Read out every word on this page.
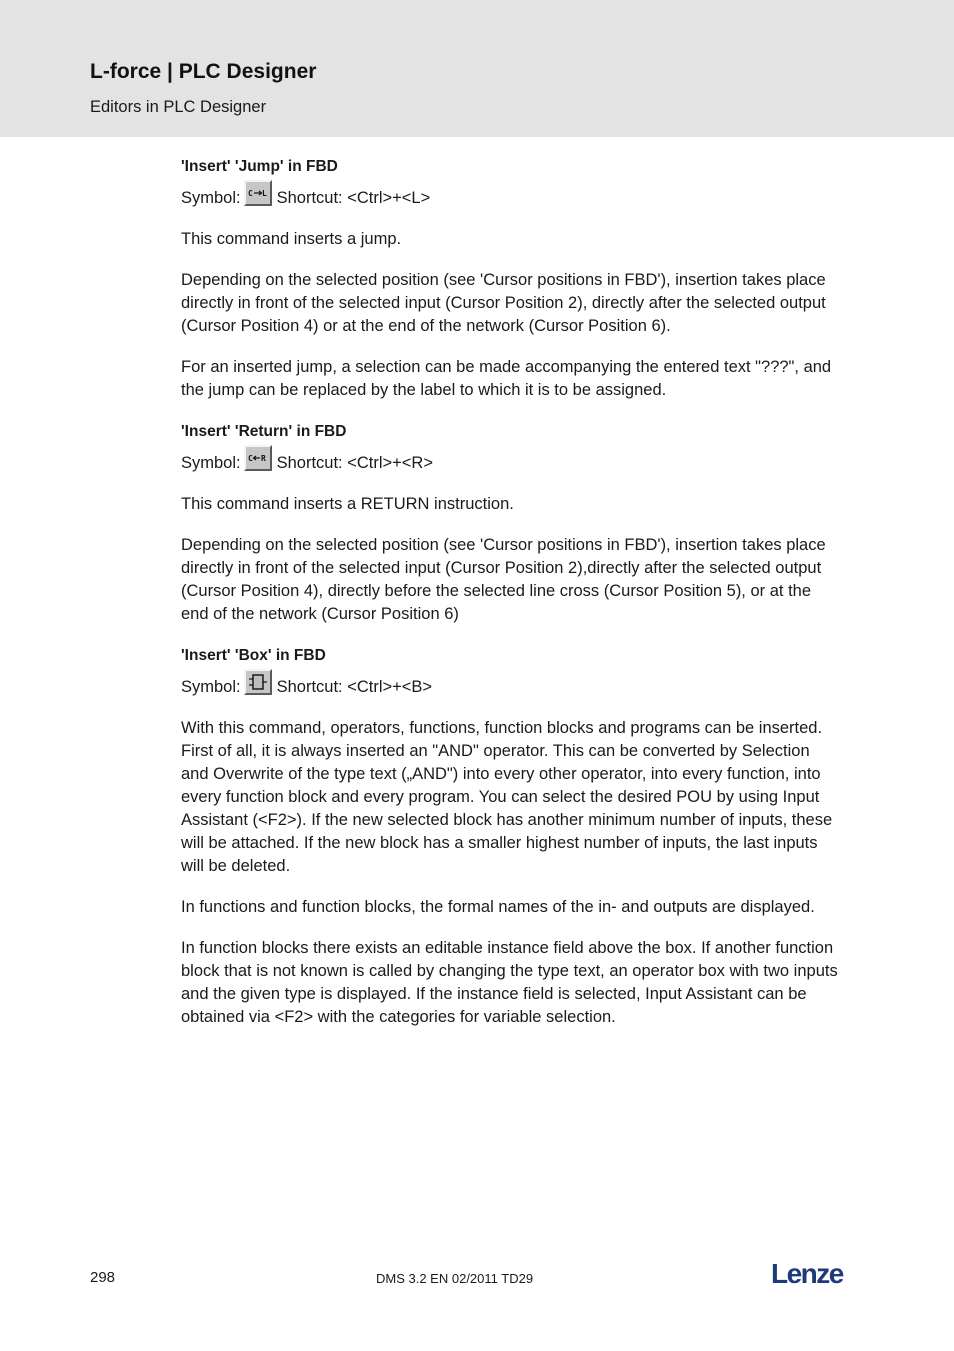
L-force | PLC Designer
Editors in PLC Designer

'Insert' 'Jump' in FBD

Symbol: C L Shortcut: <Ctrl>+<L>

This command inserts a jump.

Depending on the selected position (see 'Cursor positions in FBD'), insertion takes place directly in front of the selected input (Cursor Position 2), directly after the selected output (Cursor Position 4) or at the end of the network (Cursor Position 6).

For an inserted jump, a selection can be made accompanying the entered text "???", and the jump can be replaced by the label to which it is to be assigned.

'Insert' 'Return' in FBD

Symbol: C R Shortcut: <Ctrl>+<R>

This command inserts a RETURN instruction.

Depending on the selected position (see 'Cursor positions in FBD'), insertion takes place directly in front of the selected input (Cursor Position 2),directly after the selected output (Cursor Position 4), directly before the selected line cross (Cursor Position 5), or at the end of the network (Cursor Position 6)

'Insert' 'Box' in FBD

Symbol: Shortcut: <Ctrl>+<B>

With this command, operators, functions, function blocks and programs can be inserted. First of all, it is always inserted an "AND" operator. This can be converted by Selection and Overwrite of the type text („AND") into every other operator, into every function, into every function block and every program. You can select the desired POU by using Input Assistant (<F2>). If the new selected block has another minimum number of inputs, these will be attached. If the new block has a smaller highest number of inputs, the last inputs will be deleted.

In functions and function blocks, the formal names of the in- and outputs are displayed.

In function blocks there exists an editable instance field above the box. If another function block that is not known is called by changing the type text, an operator box with two inputs and the given type is displayed. If the instance field is selected, Input Assistant can be obtained via <F2> with the categories for variable selection.

298	DMS 3.2 EN 02/2011 TD29	Lenze
